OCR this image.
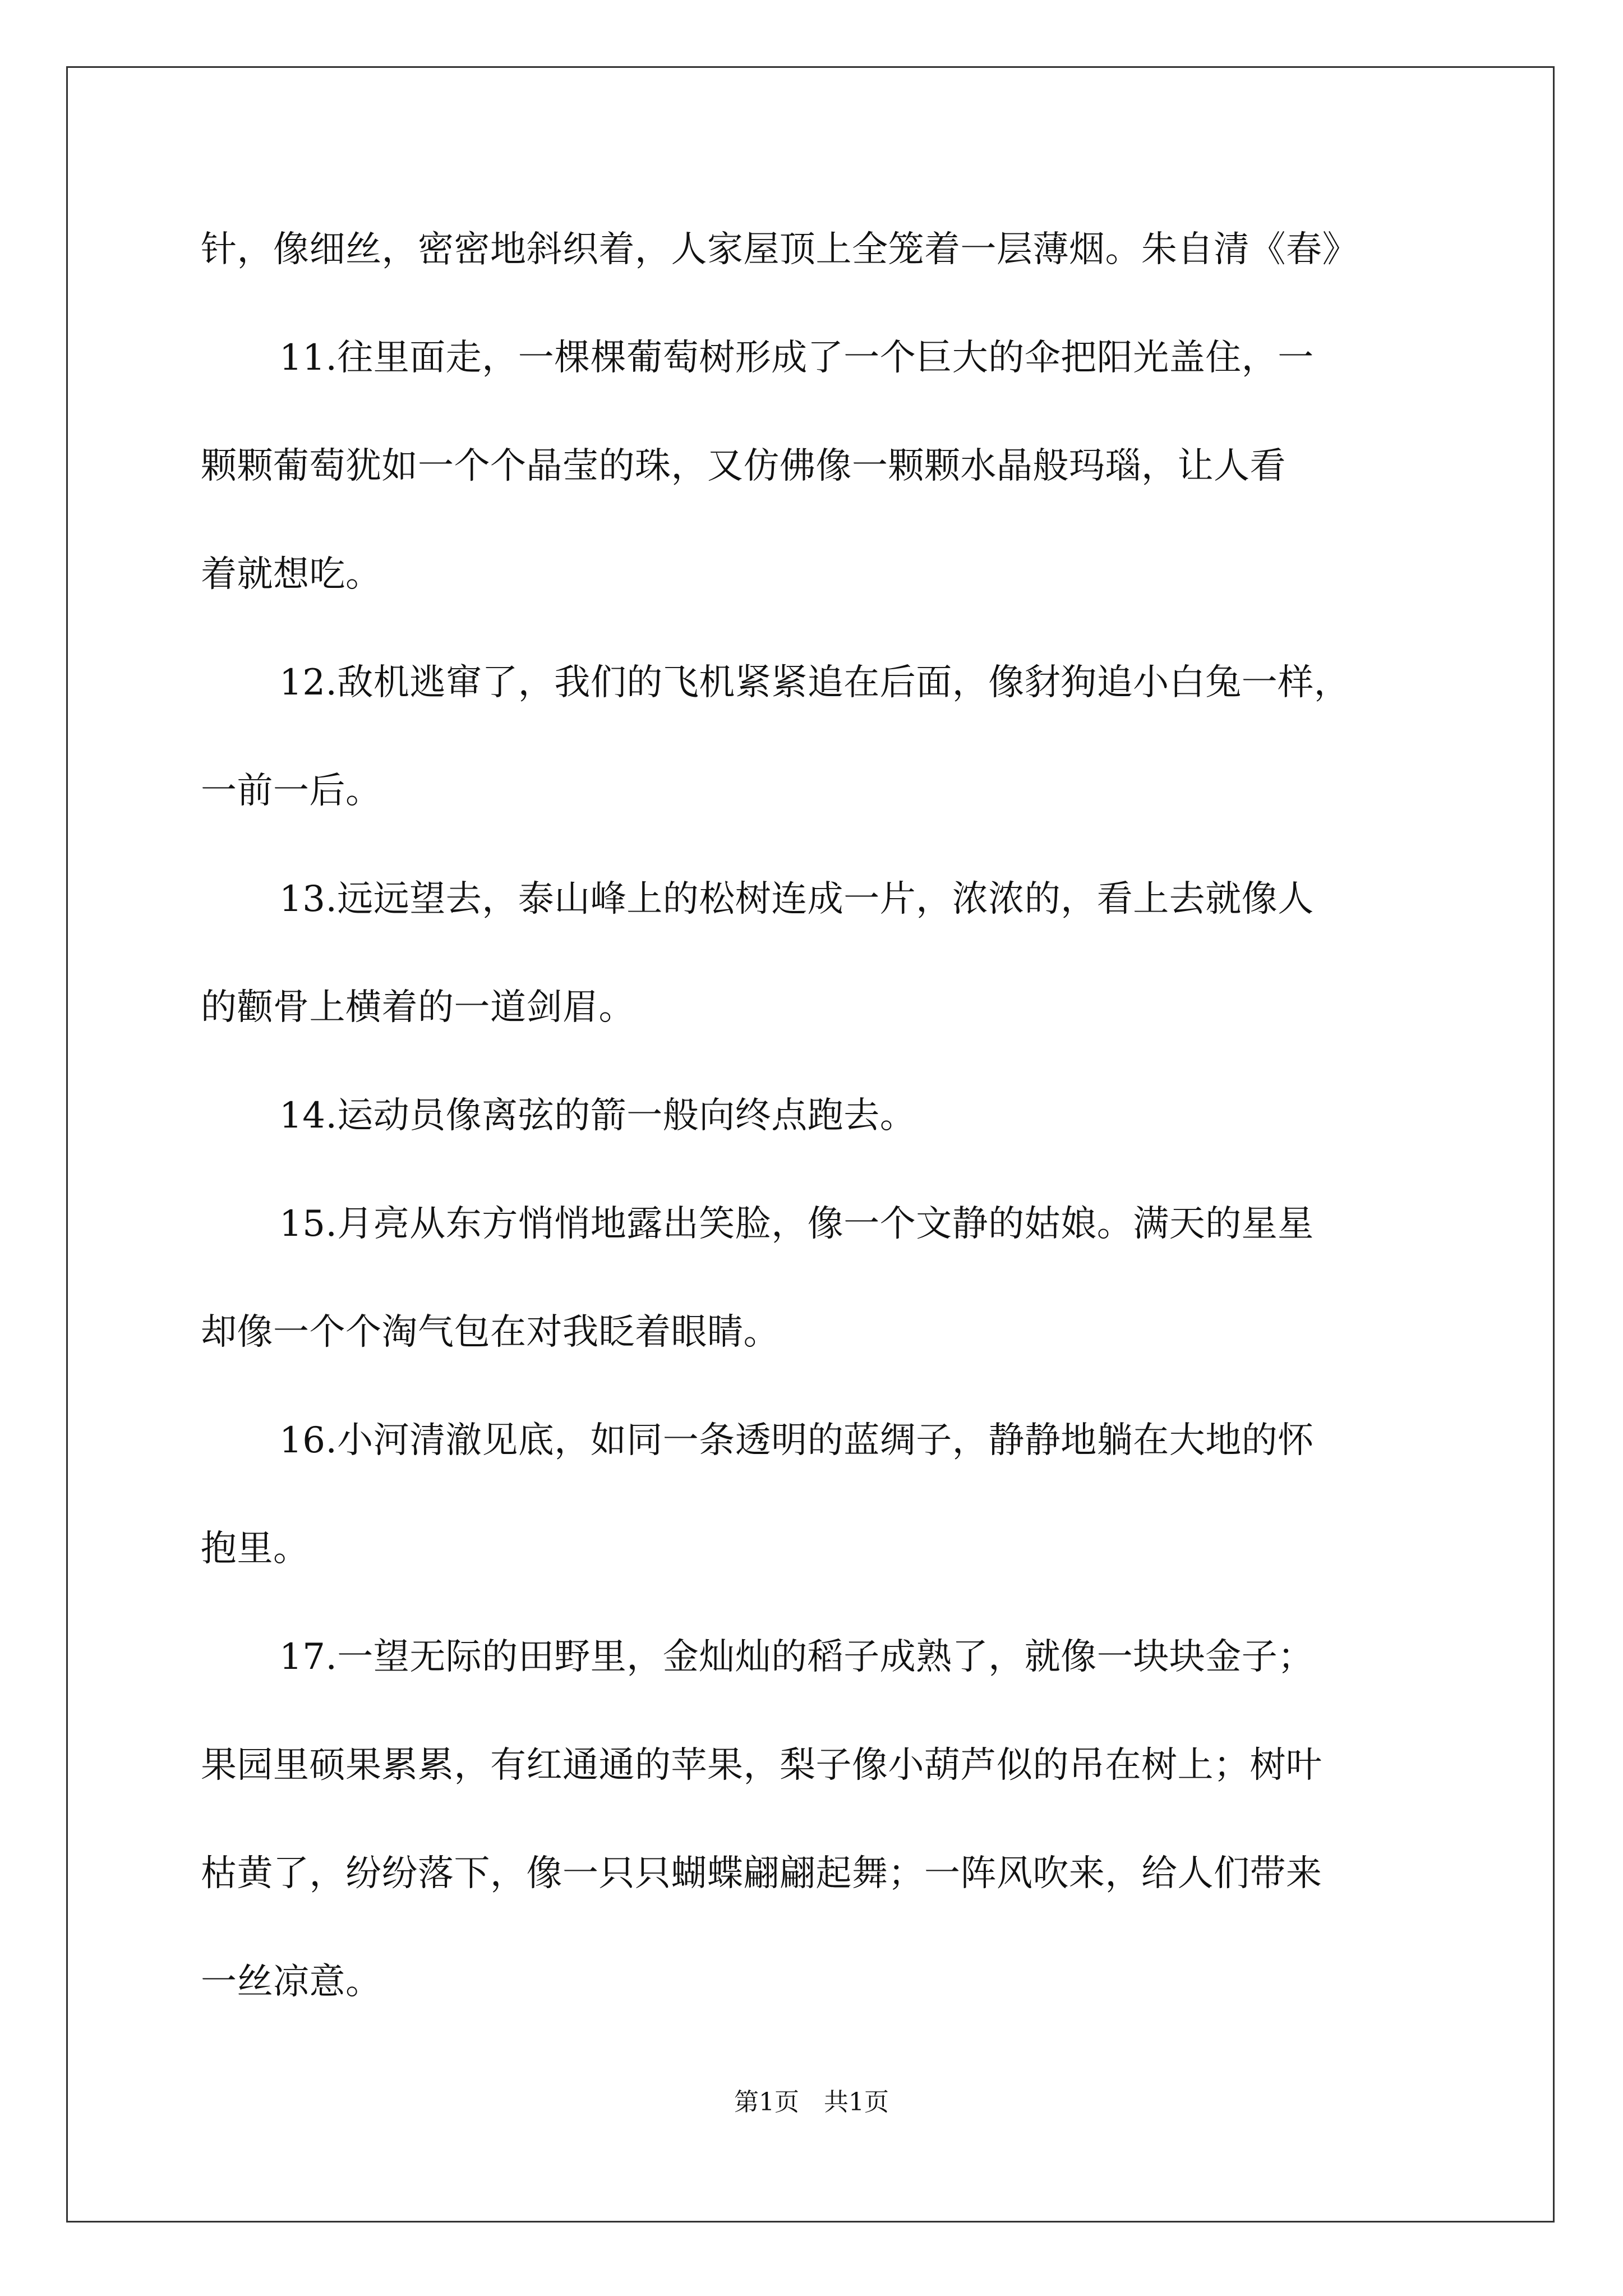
针，像细丝，密密地斜织着，人家屋顶上全笼着一层薄烟。朱自清《春》
11.往里面走，一棵棵葡萄树形成了一个巨大的伞把阳光盖住，一
颗颗葡萄犹如一个个晶莹的珠，又仿佛像一颗颗水晶般玛瑙，让人看
着就想吃。
12.敌机逃窜了，我们的飞机紧紧追在后面，像豺狗追小白兔一样，
一前一后。
13.远远望去，泰山峰上的松树连成一片，浓浓的，看上去就像人
的颧骨上横着的一道剑眉。
14.运动员像离弦的箭一般向终点跑去。
15.月亮从东方悄悄地露出笑脸，像一个文静的姑娘。满天的星星
却像一个个淘气包在对我眨着眼睛。
16.小河清澈见底，如同一条透明的蓝绸子，静静地躺在大地的怀
抱里。
17.一望无际的田野里，金灿灿的稻子成熟了，就像一块块金子；
果园里硕果累累，有红通通的苹果，梨子像小葫芦似的吊在树上；树叶
枯黄了，纷纷落下，像一只只蝴蝶翩翩起舞；一阵风吹来，给人们带来
一丝凉意。
第1页　共1页
